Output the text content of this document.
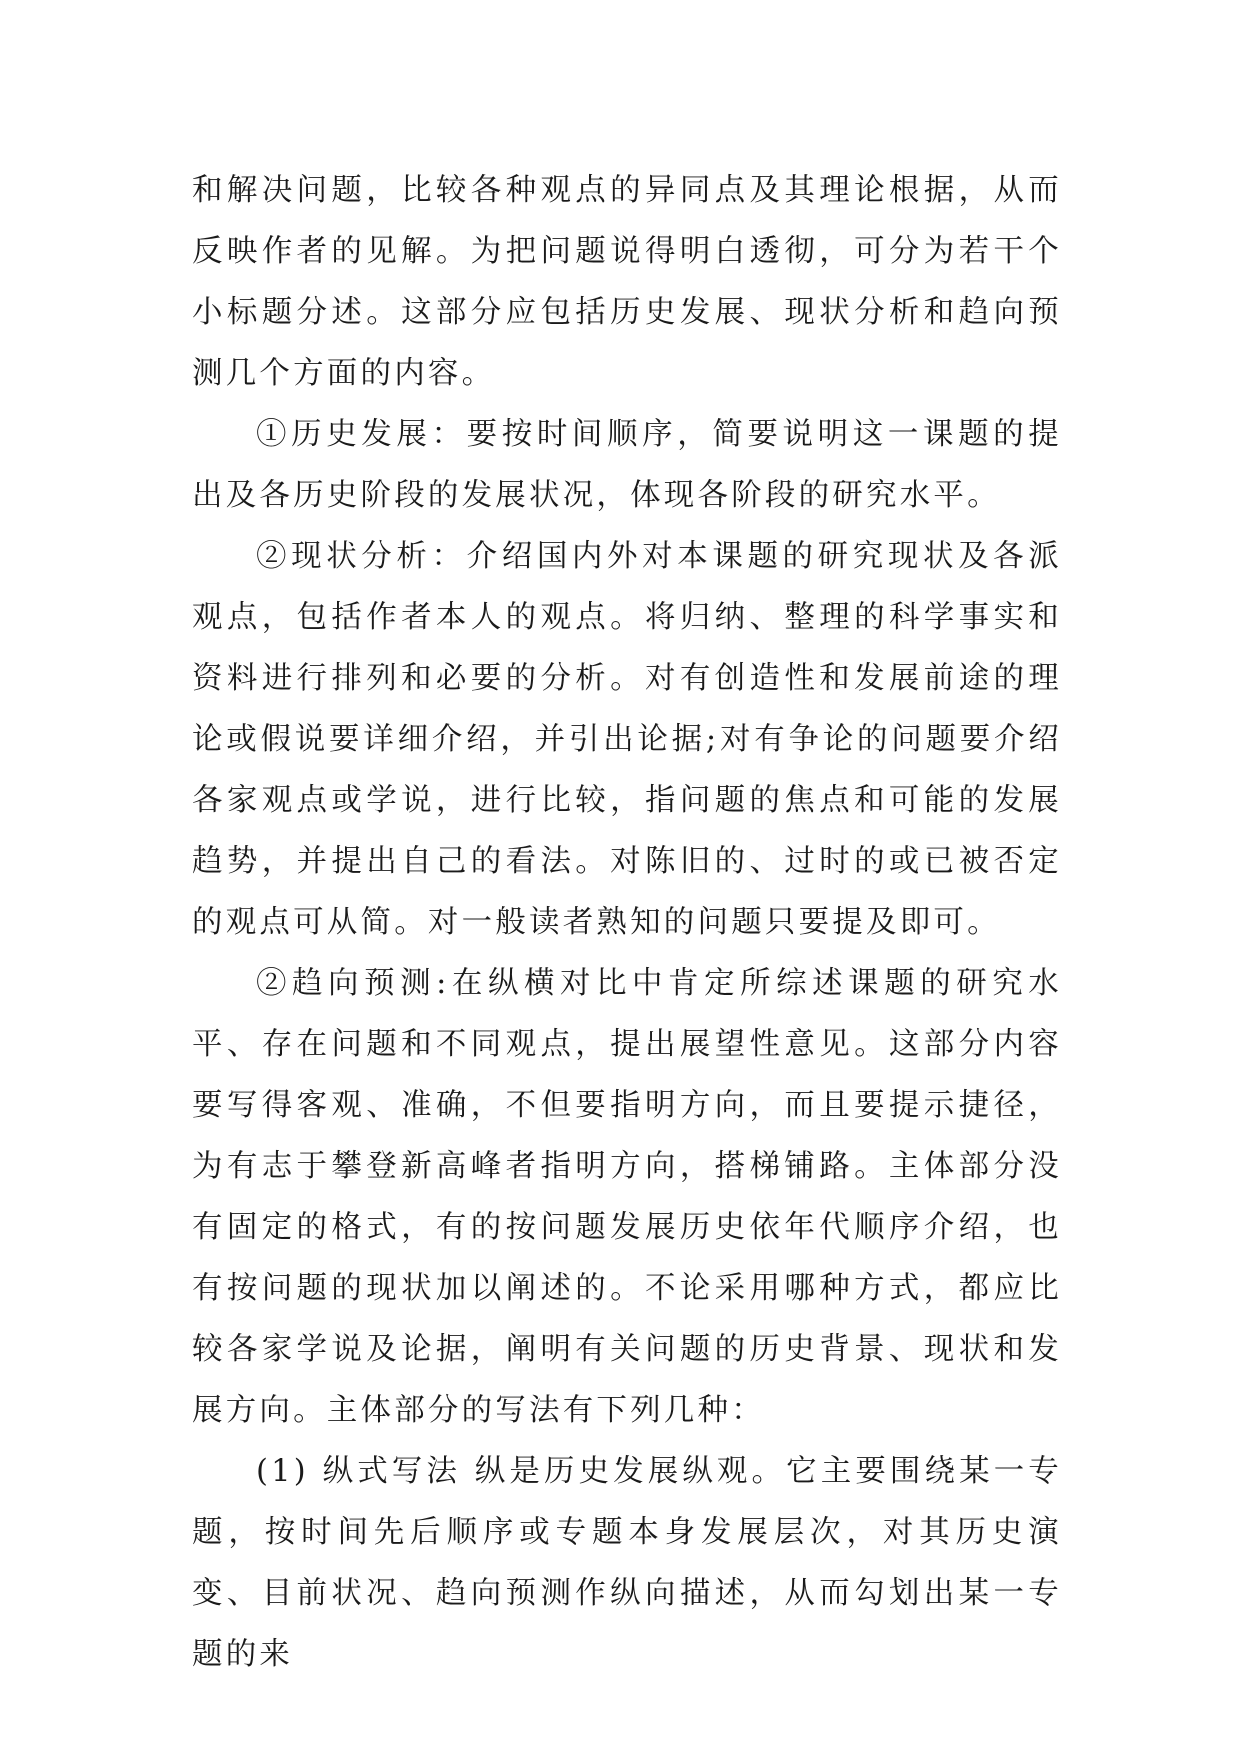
和解决问题，比较各种观点的异同点及其理论根据，从而反映作者的见解。为把问题说得明白透彻，可分为若干个小标题分述。这部分应包括历史发展、现状分析和趋向预测几个方面的内容。

①历史发展：要按时间顺序，简要说明这一课题的提出及各历史阶段的发展状况，体现各阶段的研究水平。

②现状分析：介绍国内外对本课题的研究现状及各派观点，包括作者本人的观点。将归纳、整理的科学事实和资料进行排列和必要的分析。对有创造性和发展前途的理论或假说要详细介绍，并引出论据;对有争论的问题要介绍各家观点或学说，进行比较，指问题的焦点和可能的发展趋势，并提出自己的看法。对陈旧的、过时的或已被否定的观点可从简。对一般读者熟知的问题只要提及即可。

②趋向预测:在纵横对比中肯定所综述课题的研究水平、存在问题和不同观点，提出展望性意见。这部分内容要写得客观、准确，不但要指明方向，而且要提示捷径，为有志于攀登新高峰者指明方向，搭梯铺路。主体部分没有固定的格式，有的按问题发展历史依年代顺序介绍，也有按问题的现状加以阐述的。不论采用哪种方式，都应比较各家学说及论据，阐明有关问题的历史背景、现状和发展方向。主体部分的写法有下列几种：

(1) 纵式写法 纵是历史发展纵观。它主要围绕某一专题，按时间先后顺序或专题本身发展层次，对其历史演变、目前状况、趋向预测作纵向描述，从而勾划出某一专题的来
